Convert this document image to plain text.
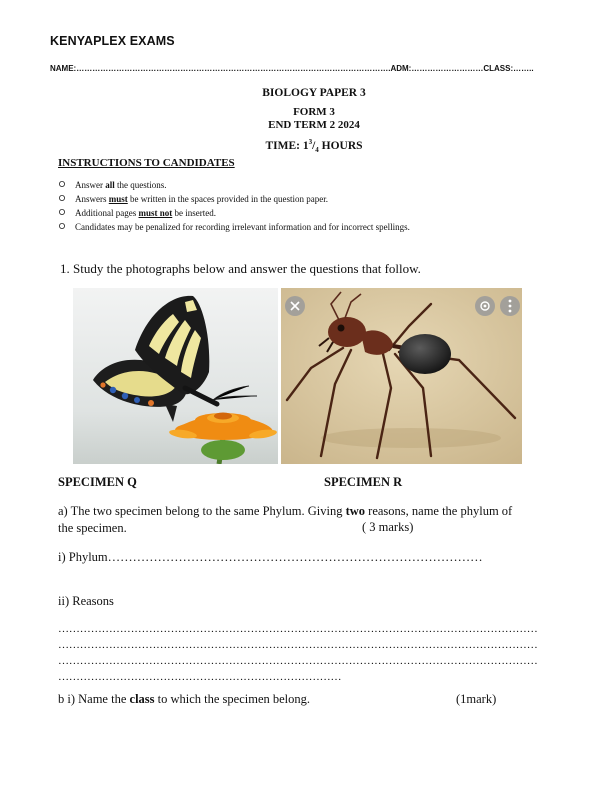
KENYAPLEX EXAMS
NAME:……………………………………………………………………………………………………….ADM:………………………CLASS:……..
BIOLOGY PAPER 3
FORM 3
END TERM 2 2024
TIME: $1^3/_4$ HOURS
INSTRUCTIONS TO CANDIDATES
Answer all the questions.
Answers must be written in the spaces provided in the question paper.
Additional pages must not be inserted.
Candidates may be penalized for recording irrelevant information and for incorrect spellings.
1. Study the photographs below and answer the questions that follow.
SPECIMEN Q	SPECIMEN R
a) The two specimen belong to the same Phylum. Giving two reasons, name the phylum of
the specimen.	( 3 marks)
i) Phylum………………………………………………………………………………
ii) Reasons
……………………………………………………………………………………………………………………
……………………………………………………………………………………………………………………
……………………………………………………………………………………………………………………
……………………………………………………………………
b i) Name the class to which the specimen belong.	(1mark)
